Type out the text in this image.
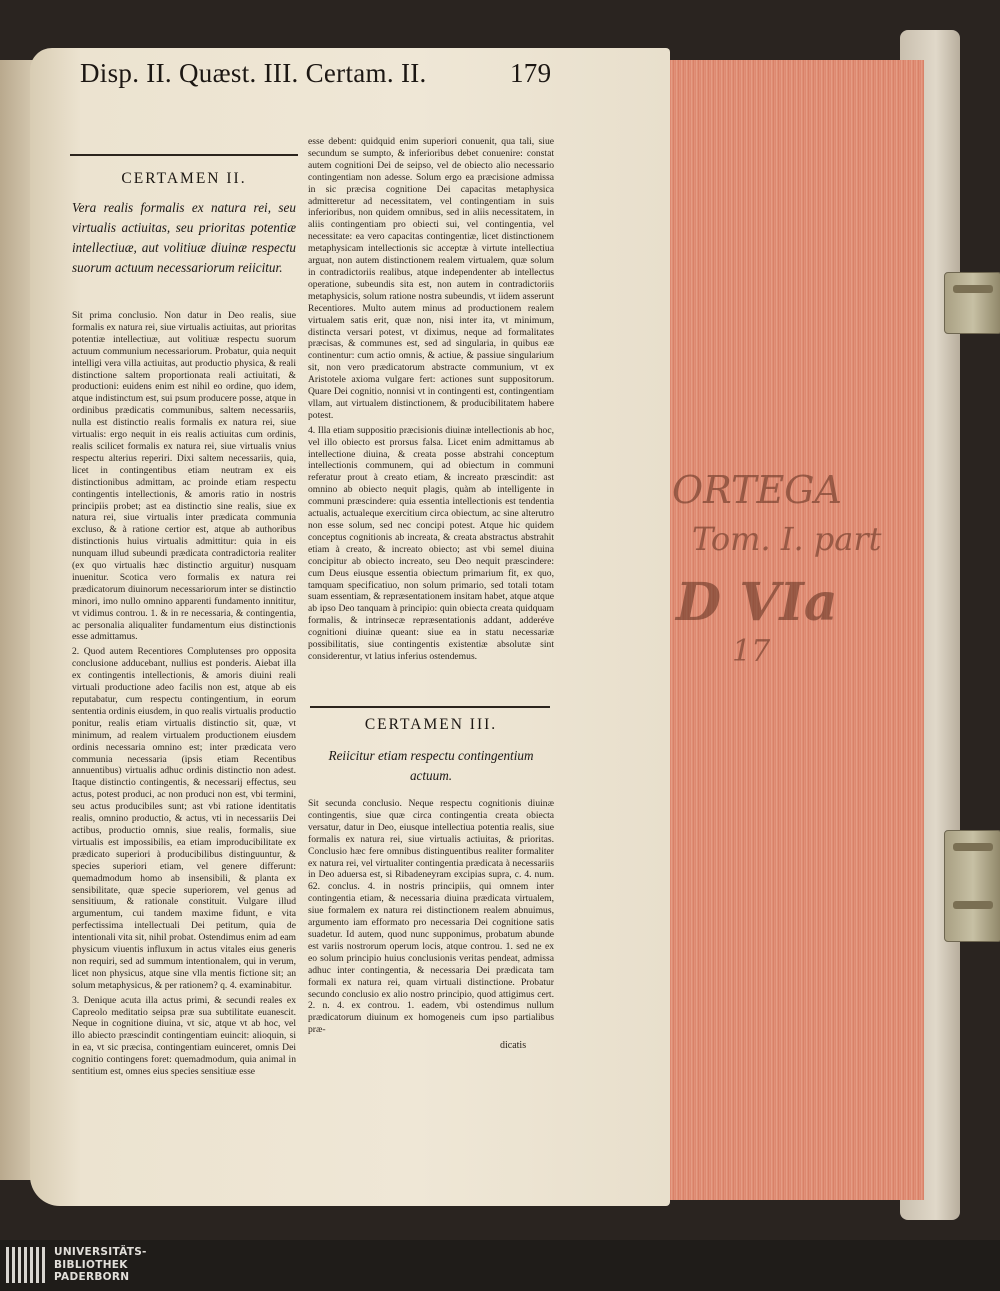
ORTEGA
Tom. I. part
D VIa
17
Disp. II. Quæst. III. Certam. II.	179
CERTAMEN II.
Vera realis formalis ex natura rei, seu virtualis actiuitas, seu prioritas potentiæ intellectiuæ, aut volitiuæ diuinæ respectu suorum actuum necessariorum reiicitur.

Sit prima conclusio. Non datur in Deo realis, siue formalis ex natura rei, siue virtualis actiuitas, aut prioritas potentiæ intellectiuæ, aut volitiuæ respectu suorum actuum communium necessariorum. Probatur, quia nequit intelligi vera villa actiuitas, aut productio physica, & reali distinctione saltem proportionata reali actiuitati, & productioni: euidens enim est nihil eo ordine, quo idem, atque indistinctum est, sui psum producere posse, atque in ordinibus prædicatis communibus, saltem necessariis, nulla est distinctio realis formalis ex natura rei, siue virtualis: ergo nequit in eis realis actiuitas cum ordinis, realis scilicet formalis ex natura rei, siue virtualis vnius respectu alterius reperiri. Dixi saltem necessariis, quia, licet in contingentibus etiam neutram ex eis distinctionibus admittam, ac proinde etiam respectu contingentis intellectionis, & amoris ratio in nostris principiis probet; ast ea distinctio sine realis, siue ex natura rei, siue virtualis inter prædicata communia excluso, & à ratione certior est, atque ab authoribus distinctionis huius virtualis admittitur: quia in eis nunquam illud subeundi prædicata contradictoria realiter (ex quo virtualis hæc distinctio arguitur) nusquam inuenitur. Scotica vero formalis ex natura rei prædicatorum diuinorum necessariorum inter se distinctio minori, imo nullo omnino apparenti fundamento innititur, vt vidimus controu. 1. & in re necessaria, & contingentia, ac personalia aliqualiter fundamentum eius distinctionis esse admittamus.

2. Quod autem Recentiores Complutenses pro opposita conclusione adducebant, nullius est ponderis. Aiebat illa ex contingentis intellectionis, & amoris diuini reali virtuali productione adeo facilis non est, atque ab eis reputabatur, cum respectu contingentium, in eorum sententia ordinis eiusdem, in quo realis virtualis productio ponitur, realis etiam virtualis distinctio sit, quæ, vt minimum, ad realem virtualem productionem eiusdem ordinis necessaria omnino est; inter prædicata vero communia necessaria (ipsis etiam Recentibus annuentibus) virtualis adhuc ordinis distinctio non adest. Itaque distinctio contingentis, & necessarij effectus, seu actus, potest produci, ac non produci non est, vbi termini, seu actus producibiles sunt; ast vbi ratione identitatis realis, omnino productio, & actus, vti in necessariis Dei actibus, productio omnis, siue realis, formalis, siue virtualis est impossibilis, ea etiam improducibilitate ex prædicato superiori à producibilibus distinguuntur, & species superiori etiam, vel genere differunt: quemadmodum homo ab insensibili, & planta ex sensibilitate, quæ specie superiorem, vel genus ad sensitiuum, & rationale constituit. Vulgare illud argumentum, cui tandem maxime fidunt, e vita perfectissima intellectuali Dei petitum, quia de intentionali vita sit, nihil probat. Ostendimus enim ad eam physicum viuentis influxum in actus vitales eius generis non requiri, sed ad summum intentionalem, qui in verum, licet non physicus, atque sine vlla mentis fictione sit; an solum metaphysicus, & per rationem? q. 4. examinabitur.

3. Denique acuta illa actus primi, & secundi reales ex Capreolo meditatio seipsa præ sua subtilitate euanescit. Neque in cognitione diuina, vt sic, atque vt ab hoc, vel illo abiecto præscindit contingentiam euincit: alioquin, si in ea, vt sic præcisa, contingentiam euinceret, omnis Dei cognitio contingens foret: quemadmodum, quia animal in sentitium est, omnes eius species sensitiuæ esse

esse debent: quidquid enim superiori conuenit, qua tali, siue secundum se sumpto, & inferioribus debet conuenire: constat autem cognitioni Dei de seipso, vel de obiecto alio necessario contingentiam non adesse. Solum ergo ea præcisione admissa in sic præcisa cognitione Dei capacitas metaphysica admitteretur ad necessitatem, vel contingentiam in suis inferioribus, non quidem omnibus, sed in aliis necessitatem, in aliis contingentiam pro obiecti sui, vel contingentia, vel necessitate: ea vero capacitas contingentiæ, licet distinctionem metaphysicam intellectionis sic acceptæ à virtute intellectiua arguat, non autem distinctionem realem virtualem, quæ solum in contradictoriis realibus, atque independenter ab intellectus operatione, subeundis sita est, non autem in contradictoriis metaphysicis, solum ratione nostra subeundis, vt iidem asserunt Recentiores. Multo autem minus ad productionem realem virtualem satis erit, quæ non, nisi inter ita, vt minimum, distincta versari potest, vt diximus, neque ad formalitates præcisas, & communes est, sed ad singularia, in quibus eæ continentur: cum actio omnis, & actiue, & passiue singularium sit, non vero prædicatorum abstracte communium, vt ex Aristotele axioma vulgare fert: actiones sunt suppositorum. Quare Dei cognitio, nonnisi vt in contingenti est, contingentiam vllam, aut virtualem distinctionem, & producibilitatem habere potest.

4. Illa etiam suppositio præcisionis diuinæ intellectionis ab hoc, vel illo obiecto est prorsus falsa. Licet enim admittamus ab intellectione diuina, & creata posse abstrahi conceptum intellectionis communem, qui ad obiectum in communi referatur prout à creato etiam, & increato præscindit: ast omnino ab obiecto nequit plagis, quàm ab intelligente in communi præscindere: quia essentia intellectionis est tendentia actualis, actualeque exercitium circa obiectum, ac sine alterutro non esse solum, sed nec concipi potest. Atque hic quidem conceptus cognitionis ab increata, & creata abstractus abstrahit etiam à creato, & increato obiecto; ast vbi semel diuina concipitur ab obiecto increato, seu Deo nequit præscindere: cum Deus eiusque essentia obiectum primarium fit, ex quo, tamquam specificatiuo, non solum primario, sed totali totam suam essentiam, & repræsentationem insitam habet, atque atque ab ipso Deo tanquam à principio: quin obiecta creata quidquam formalis, & intrinsecæ repræsentationis addant, adderéve cognitioni diuinæ queant: siue ea in statu necessariæ possibilitatis, siue contingentis existentiæ absolutæ sint considerentur, vt latius inferius ostendemus.

CERTAMEN III.
Reiicitur etiam respectu contingentium actuum.

Sit secunda conclusio. Neque respectu cognitionis diuinæ contingentis, siue quæ circa contingentia creata obiecta versatur, datur in Deo, eiusque intellectiua potentia realis, siue formalis ex natura rei, siue virtualis actiuitas, & prioritas. Conclusio hæc fere omnibus distinguentibus realiter formaliter ex natura rei, vel virtualiter contingentia prædicata à necessariis in Deo aduersa est, si Ribadeneyram excipias supra, c. 4. num. 62. conclus. 4. in nostris principiis, qui omnem inter contingentia etiam, & necessaria diuina prædicata virtualem, siue formalem ex natura rei distinctionem realem abnuimus, argumento iam efformato pro necessaria Dei cognitione satis suadetur. Id autem, quod nunc supponimus, probatum abunde est variis nostrorum operum locis, atque controu. 1. sed ne ex eo solum principio huius conclusionis veritas pendeat, admissa adhuc inter contingentia, & necessaria Dei prædicata tam formali ex natura rei, quam virtuali distinctione. Probatur secundo conclusio ex alio nostro principio, quod attigimus cert. 2. n. 4. ex controu. 1. eadem, vbi ostendimus nullum prædicatorum diuinum ex homogeneis cum ipso partialibus præ-

dicatis
UNIVERSITÄTS-
BIBLIOTHEK
PADERBORN
